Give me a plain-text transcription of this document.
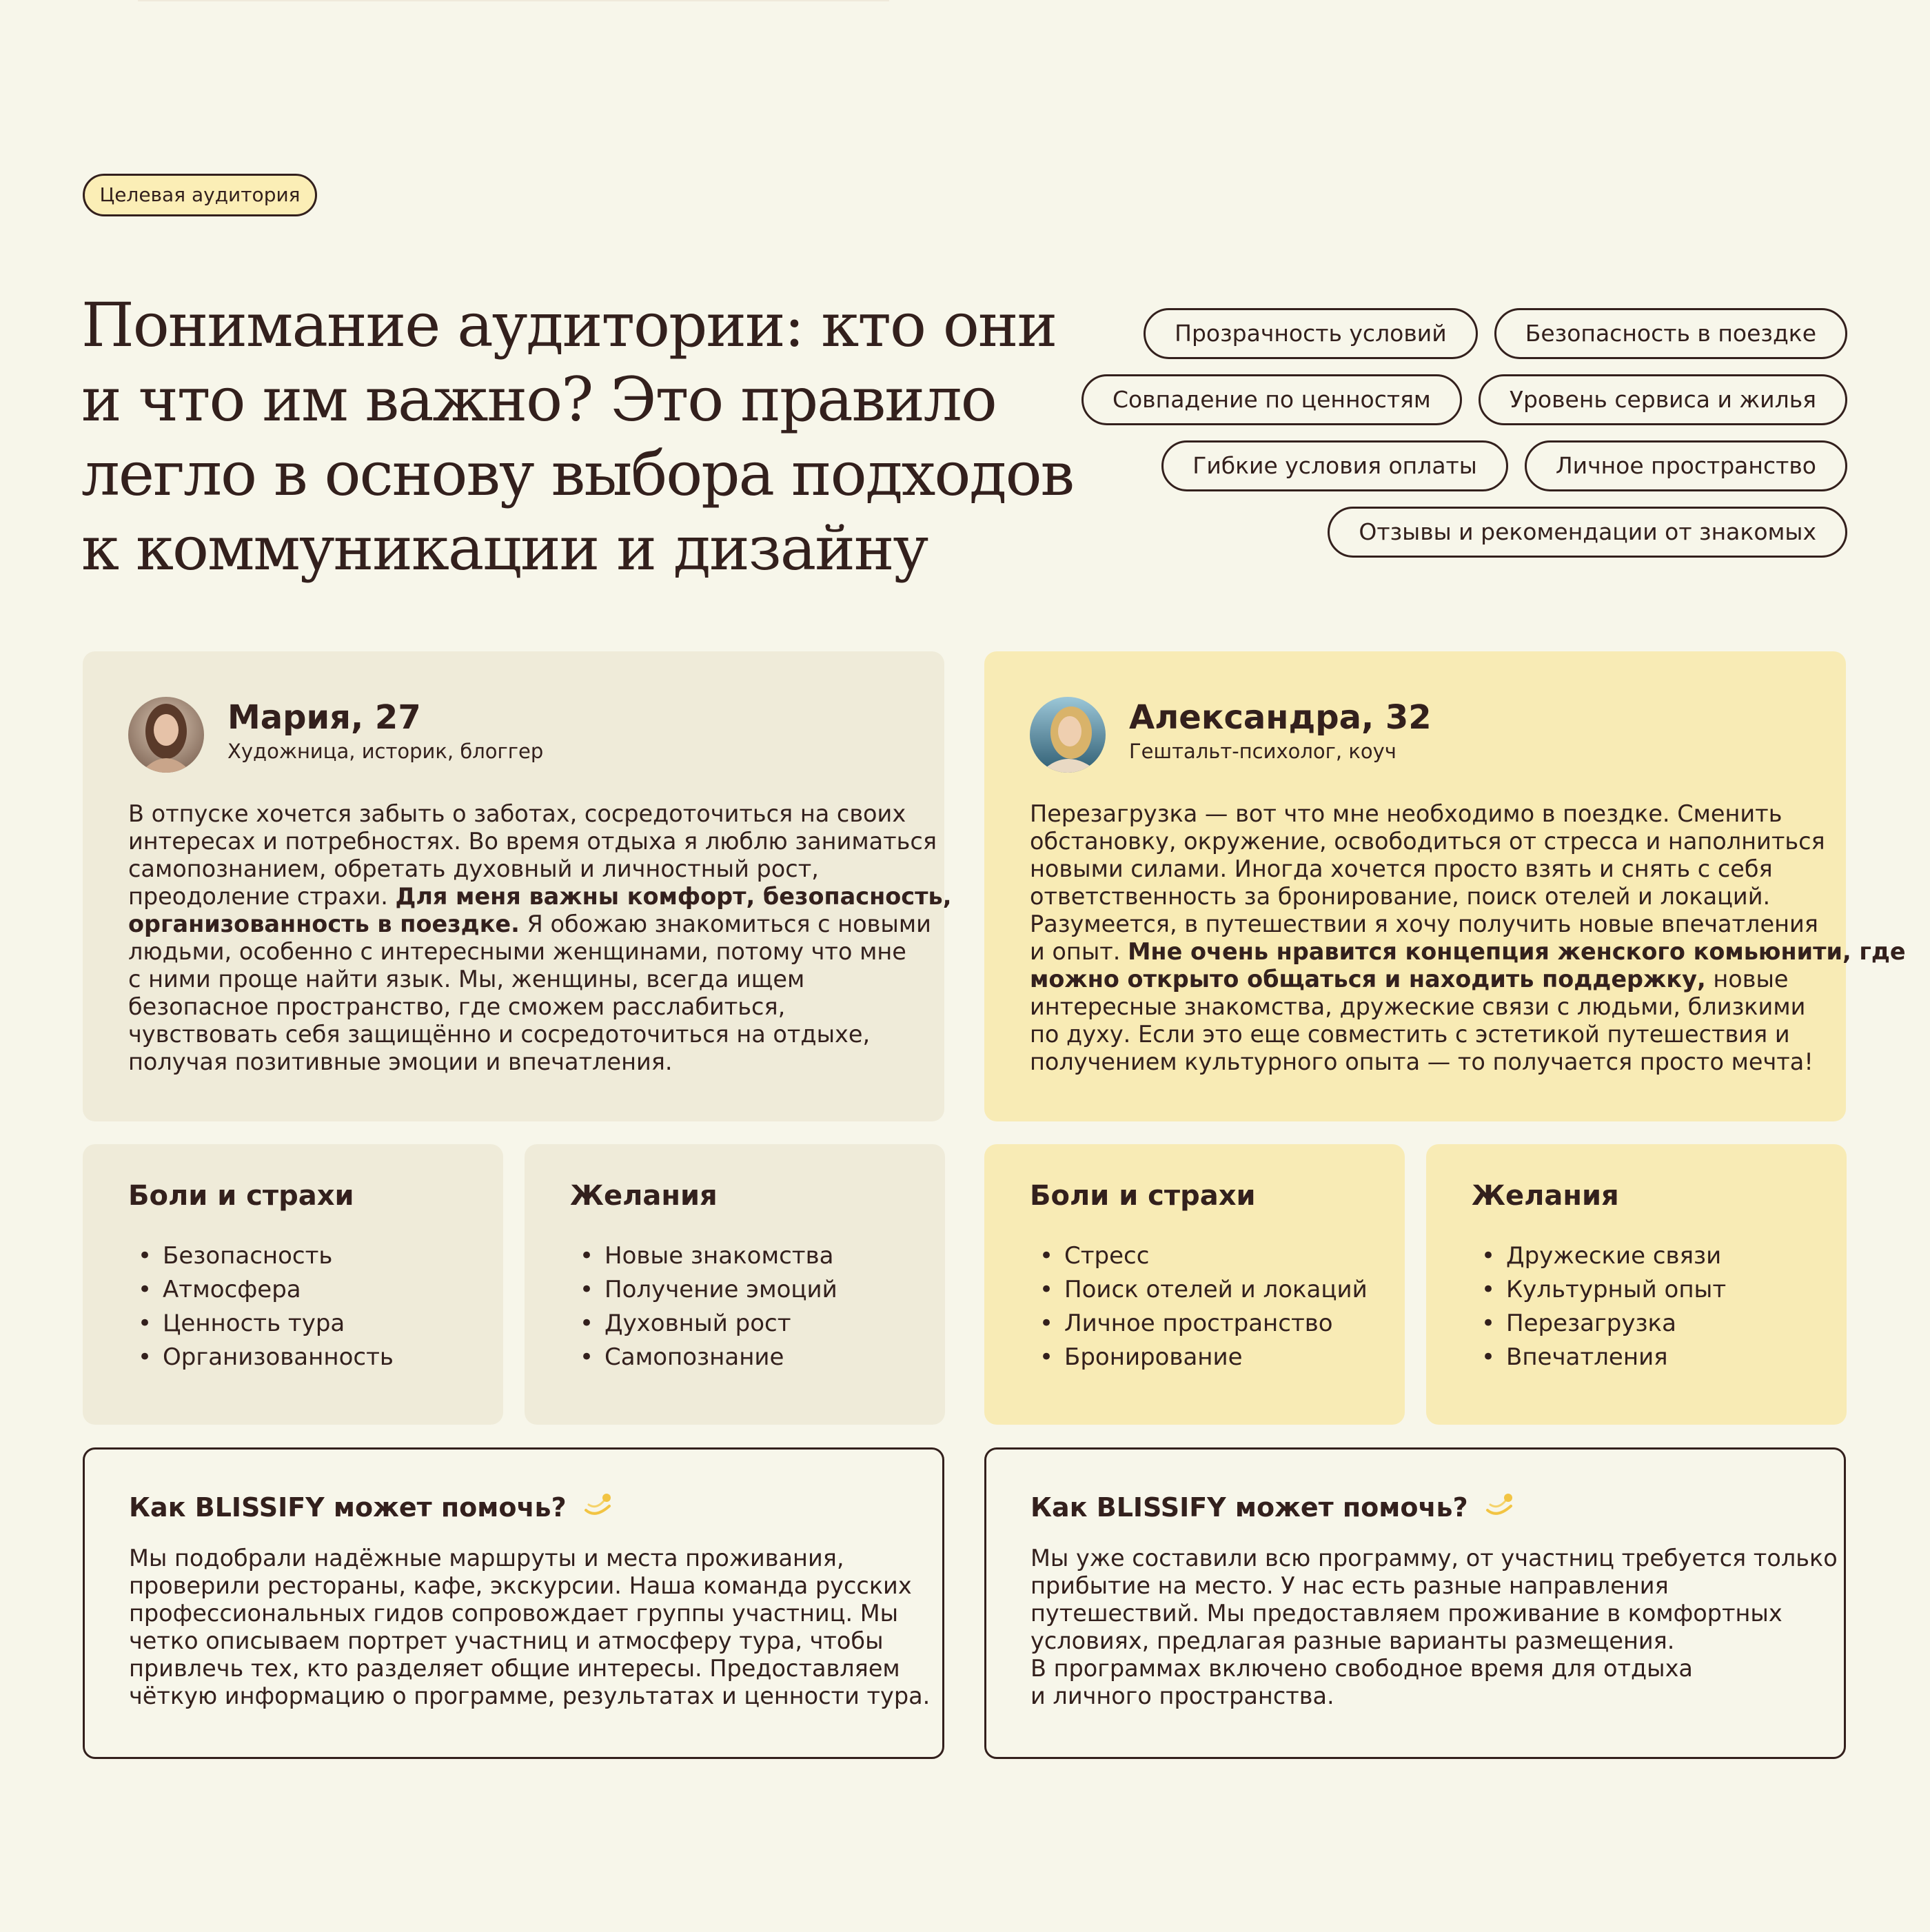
Целевая аудитория
Понимание аудитории: кто они
и что им важно? Это правило
легло в основу выбора подходов
к коммуникации и дизайну
Прозрачность условий	Безопасность в поездке
Совпадение по ценностям	Уровень сервиса и жилья
Гибкие условия оплаты	Личное пространство
Отзывы и рекомендации от знакомых
Мария, 27
Художница, историк, блоггер
В отпуске хочется забыть о заботах, сосредоточиться на своих
интересах и потребностях. Во время отдыха я люблю заниматься
самопознанием, обретать духовный и личностный рост,
преодоление страхи. Для меня важны комфорт, безопасность,
организованность в поездке. Я обожаю знакомиться с новыми
людьми, особенно с интересными женщинами, потому что мне
с ними проще найти язык. Мы, женщины, всегда ищем
безопасное пространство, где сможем расслабиться,
чувствовать себя защищённо и сосредоточиться на отдыхе,
получая позитивные эмоции и впечатления.
Александра, 32
Гештальт-психолог, коуч
Перезагрузка — вот что мне необходимо в поездке. Сменить
обстановку, окружение, освободиться от стресса и наполниться
новыми силами. Иногда хочется просто взять и снять с себя
ответственность за бронирование, поиск отелей и локаций.
Разумеется, в путешествии я хочу получить новые впечатления
и опыт. Мне очень нравится концепция женского комьюнити, где
можно открыто общаться и находить поддержку, новые
интересные знакомства, дружеские связи с людьми, близкими
по духу. Если это еще совместить с эстетикой путешествия и
получением культурного опыта — то получается просто мечта!
Боли и страхи
• Безопасность
• Атмосфера
• Ценность тура
• Организованность
Желания
• Новые знакомства
• Получение эмоций
• Духовный рост
• Самопознание
Боли и страхи
• Стресс
• Поиск отелей и локаций
• Личное пространство
• Бронирование
Желания
• Дружеские связи
• Культурный опыт
• Перезагрузка
• Впечатления
Как BLISSIFY может помочь?

Мы подобрали надёжные маршруты и места проживания,
проверили рестораны, кафе, экскурсии. Наша команда русских
профессиональных гидов сопровождает группы участниц. Мы
четко описываем портрет участниц и атмосферу тура, чтобы
привлечь тех, кто разделяет общие интересы. Предоставляем
чёткую информацию о программе, результатах и ценности тура.

Как BLISSIFY может помочь?

Мы уже составили всю программу, от участниц требуется только
прибытие на место. У нас есть разные направления
путешествий. Мы предоставляем проживание в комфортных
условиях, предлагая разные варианты размещения.
В программах включено свободное время для отдыха
и личного пространства.
